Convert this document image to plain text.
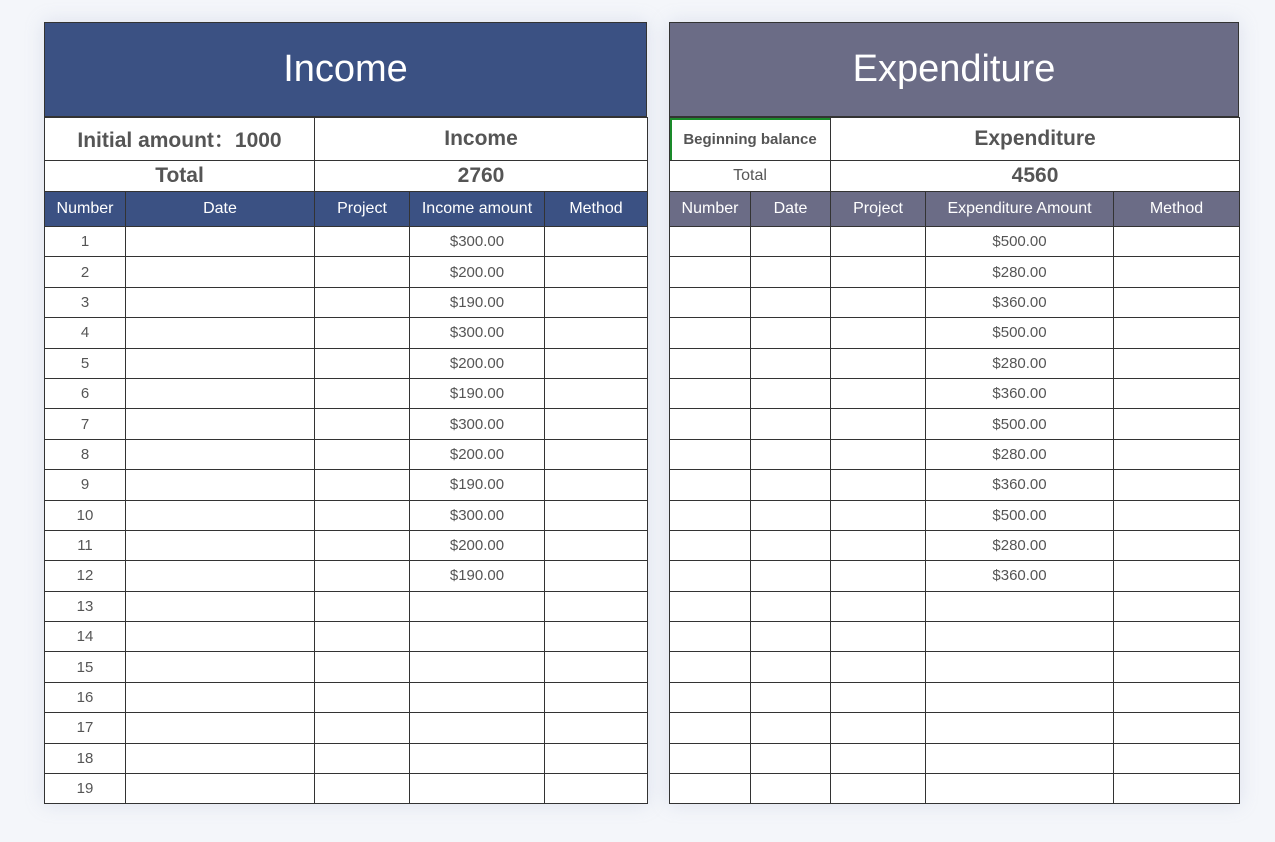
Income
Initial amount：1000		Income		
Total		2760		
Number	Date	Project	Income amount	Method
1			$300.00	
2			$200.00	
3			$190.00	
4			$300.00	
5			$200.00	
6			$190.00	
7			$300.00	
8			$200.00	
9			$190.00	
10			$300.00	
11			$200.00	
12			$190.00	
13				
14				
15				
16				
17				
18				
19				
Expenditure
Beginning balance		Expenditure		
Total		4560		
Number	Date	Project	Expenditure Amount	Method
			$500.00	
			$280.00	
			$360.00	
			$500.00	
			$280.00	
			$360.00	
			$500.00	
			$280.00	
			$360.00	
			$500.00	
			$280.00	
			$360.00	
